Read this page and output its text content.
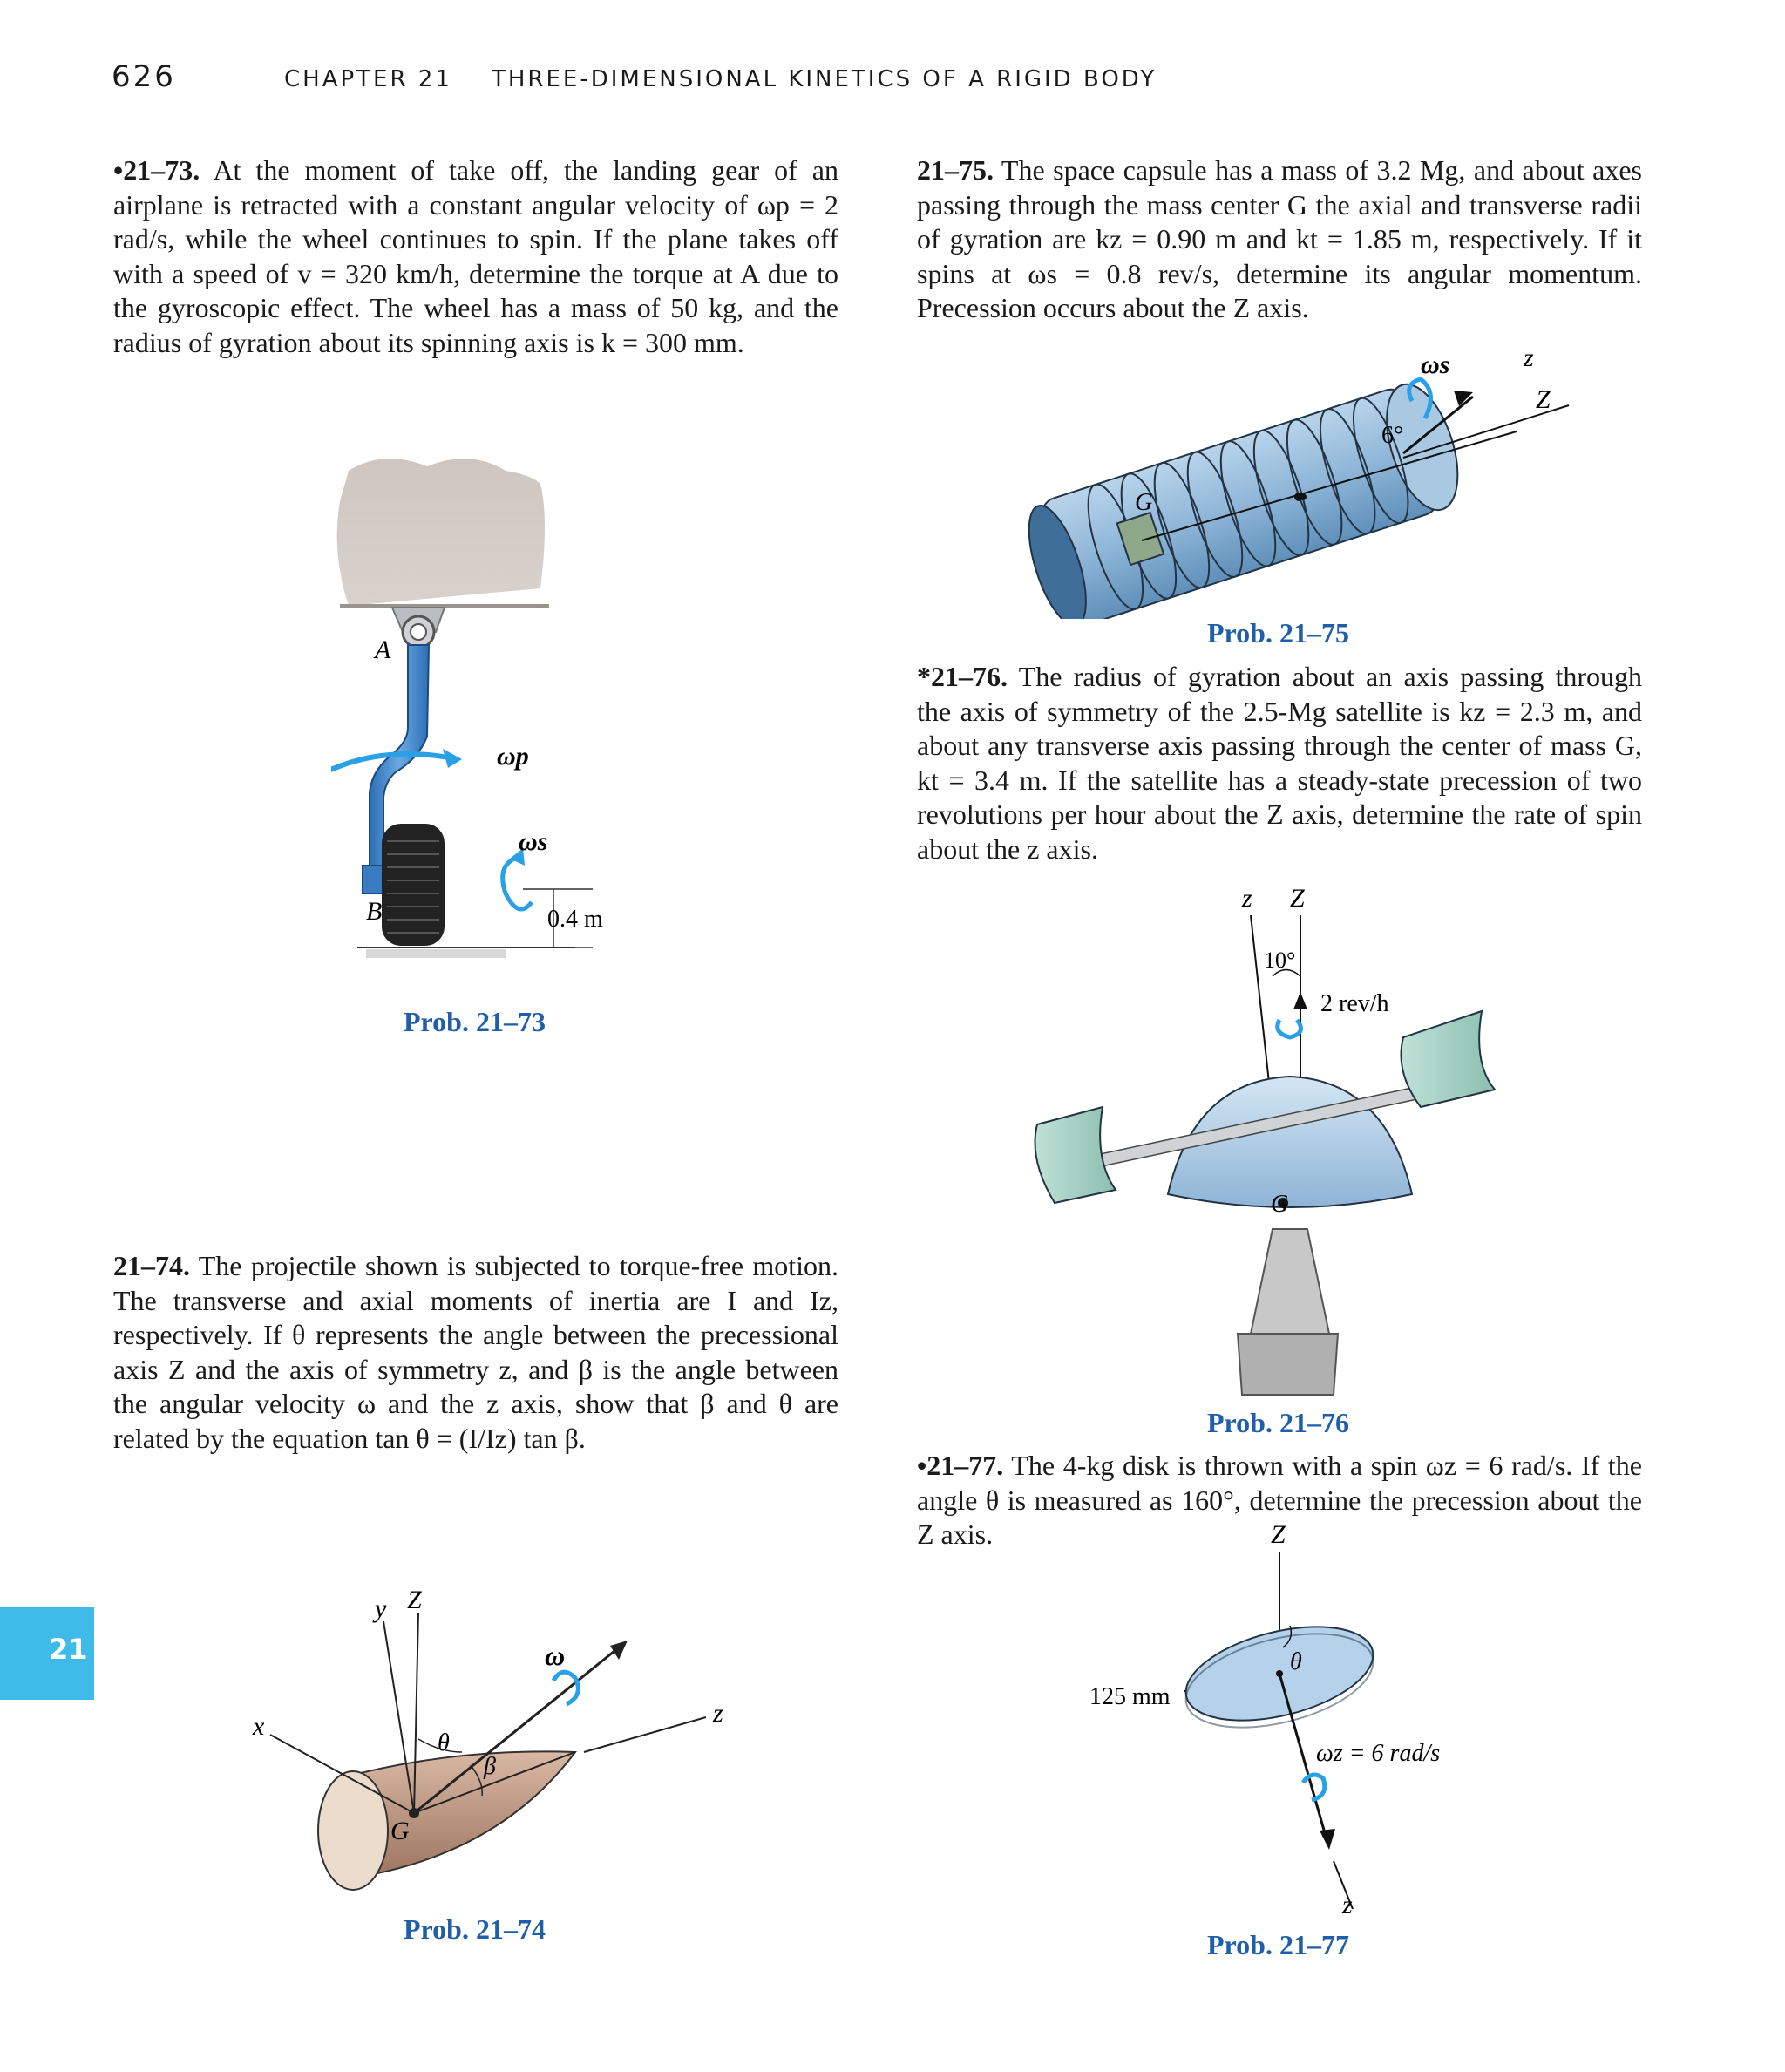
626	CHAPTER 21 THREE-DIMENSIONAL KINETICS OF A RIGID BODY
•21–73. At the moment of take off, the landing gear of an airplane is retracted with a constant angular velocity of ωp = 2 rad/s, while the wheel continues to spin. If the plane takes off with a speed of v = 320 km/h, determine the torque at A due to the gyroscopic effect. The wheel has a mass of 50 kg, and the radius of gyration about its spinning axis is k = 300 mm.
A
B
ωp
ωs
0.4 m
Prob. 21–73
21–74. The projectile shown is subjected to torque-free motion. The transverse and axial moments of inertia are I and Iz, respectively. If θ represents the angle between the precessional axis Z and the axis of symmetry z, and β is the angle between the angular velocity ω and the z axis, show that β and θ are related by the equation tan θ = (I/Iz) tan β.
y Z
x	z
ω
θ
β
G
Prob. 21–74
21–75. The space capsule has a mass of 3.2 Mg, and about axes passing through the mass center G the axial and transverse radii of gyration are kz = 0.90 m and kt = 1.85 m, respectively. If it spins at ωs = 0.8 rev/s, determine its angular momentum. Precession occurs about the Z axis.
ωs	z
Z
6°
G
Prob. 21–75
*21–76. The radius of gyration about an axis passing through the axis of symmetry of the 2.5-Mg satellite is kz = 2.3 m, and about any transverse axis passing through the center of mass G, kt = 3.4 m. If the satellite has a steady-state precession of two revolutions per hour about the Z axis, determine the rate of spin about the z axis.
z Z
10°
2 rev/h
G
Prob. 21–76
•21–77. The 4-kg disk is thrown with a spin ωz = 6 rad/s. If the angle θ is measured as 160°, determine the precession about the Z axis.	Z
125 mm
θ
ωz = 6 rad/s
z
Prob. 21–77
21
